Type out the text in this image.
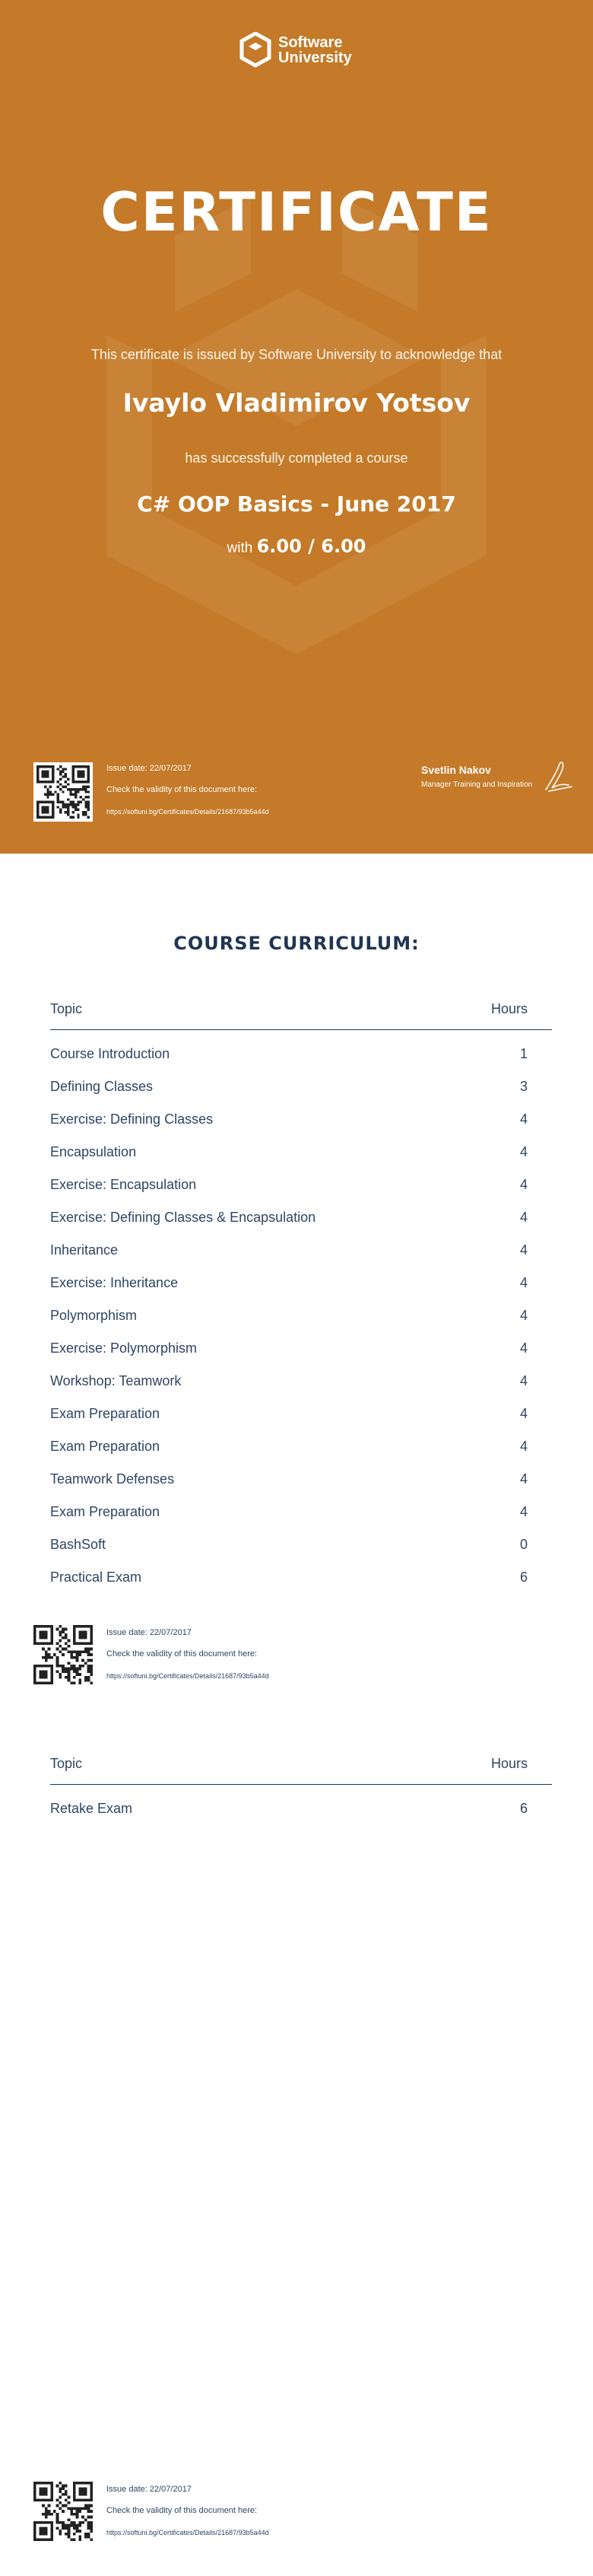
Software
University
CERTIFICATE
This certificate is issued by Software University to acknowledge that
Ivaylo Vladimirov Yotsov
has successfully completed a course
C# OOP Basics - June 2017
with 6.00 / 6.00
Issue date: 22/07/2017
Check the validity of this document here:
https://softuni.bg/Certificates/Details/21687/93b5a44d
Svetlin Nakov
Manager Training and Inspiration
COURSE CURRICULUM:
Topic	Hours
Course Introduction	1
Defining Classes	3
Exercise: Defining Classes	4
Encapsulation	4
Exercise: Encapsulation	4
Exercise: Defining Classes & Encapsulation	4
Inheritance	4
Exercise: Inheritance	4
Polymorphism	4
Exercise: Polymorphism	4
Workshop: Teamwork	4
Exam Preparation	4
Exam Preparation	4
Teamwork Defenses	4
Exam Preparation	4
BashSoft	0
Practical Exam	6
Issue date: 22/07/2017
Check the validity of this document here:
https://softuni.bg/Certificates/Details/21687/93b5a44d
Topic	Hours
Retake Exam	6
Issue date: 22/07/2017
Check the validity of this document here:
https://softuni.bg/Certificates/Details/21687/93b5a44d
